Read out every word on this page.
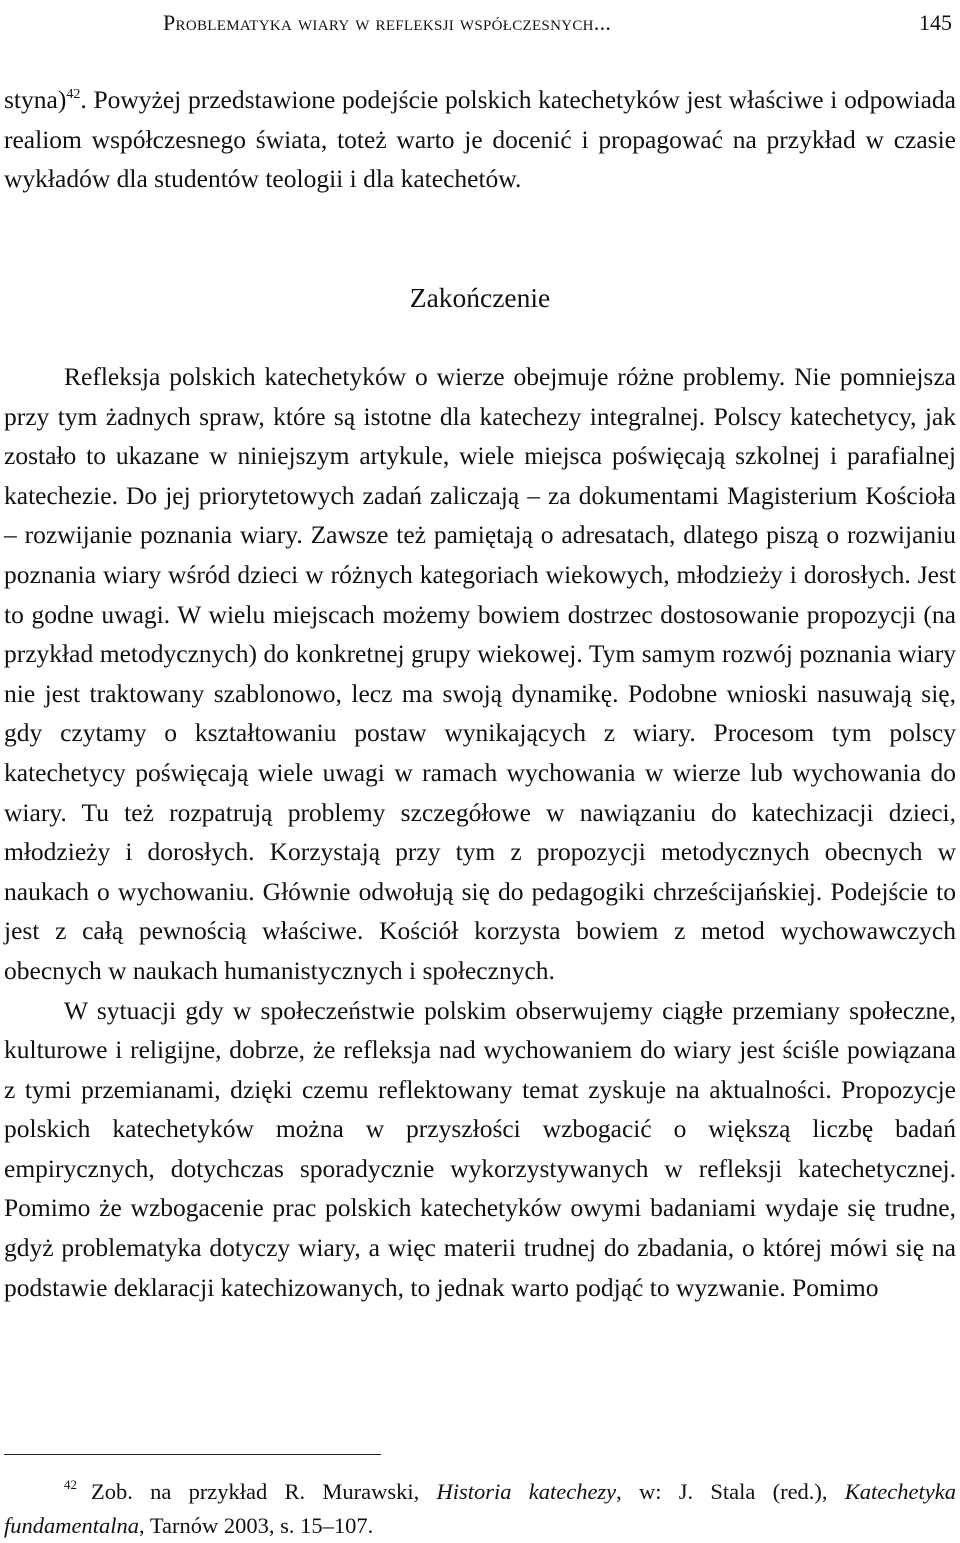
Problematyka wiary w refleksji współczesnych...	145

styna)$^{42}$. Powyżej przedstawione podejście polskich katechetyków jest właściwe i odpowiada realiom współczesnego świata, toteż warto je docenić i propagować na przykład w czasie wykładów dla studentów teologii i dla katechetów.

Zakończenie

Refleksja polskich katechetyków o wierze obejmuje różne problemy. Nie pomniejsza przy tym żadnych spraw, które są istotne dla katechezy integralnej. Polscy katechetycy, jak zostało to ukazane w niniejszym artykule, wiele miejsca poświęcają szkolnej i parafialnej katechezie. Do jej priorytetowych zadań zaliczają – za dokumentami Magisterium Kościoła – rozwijanie poznania wiary. Zawsze też pamiętają o adresatach, dlatego piszą o rozwijaniu poznania wiary wśród dzieci w różnych kategoriach wiekowych, młodzieży i dorosłych. Jest to godne uwagi. W wielu miejscach możemy bowiem dostrzec dostosowanie propozycji (na przykład metodycznych) do konkretnej grupy wiekowej. Tym samym rozwój poznania wiary nie jest traktowany szablonowo, lecz ma swoją dynamikę. Podobne wnioski nasuwają się, gdy czytamy o kształtowaniu postaw wynikających z wiary. Procesom tym polscy katechetycy poświęcają wiele uwagi w ramach wychowania w wierze lub wychowania do wiary. Tu też rozpatrują problemy szczegółowe w nawiązaniu do katechizacji dzieci, młodzieży i dorosłych. Korzystają przy tym z propozycji metodycznych obecnych w naukach o wychowaniu. Głównie odwołują się do pedagogiki chrześcijańskiej. Podejście to jest z całą pewnością właściwe. Kościół korzysta bowiem z metod wychowawczych obecnych w naukach humanistycznych i społecznych.

W sytuacji gdy w społeczeństwie polskim obserwujemy ciągłe przemiany społeczne, kulturowe i religijne, dobrze, że refleksja nad wychowaniem do wiary jest ściśle powiązana z tymi przemianami, dzięki czemu reflektowany temat zyskuje na aktualności. Propozycje polskich katechetyków można w przyszłości wzbogacić o większą liczbę badań empirycznych, dotychczas sporadycznie wykorzystywanych w refleksji katechetycznej. Pomimo że wzbogacenie prac polskich katechetyków owymi badaniami wydaje się trudne, gdyż problematyka dotyczy wiary, a więc materii trudnej do zbadania, o której mówi się na podstawie deklaracji katechizowanych, to jednak warto podjąć to wyzwanie. Pomimo

42 Zob. na przykład R. Murawski, Historia katechezy, w: J. Stala (red.), Katechetyka fundamentalna, Tarnów 2003, s. 15–107.
